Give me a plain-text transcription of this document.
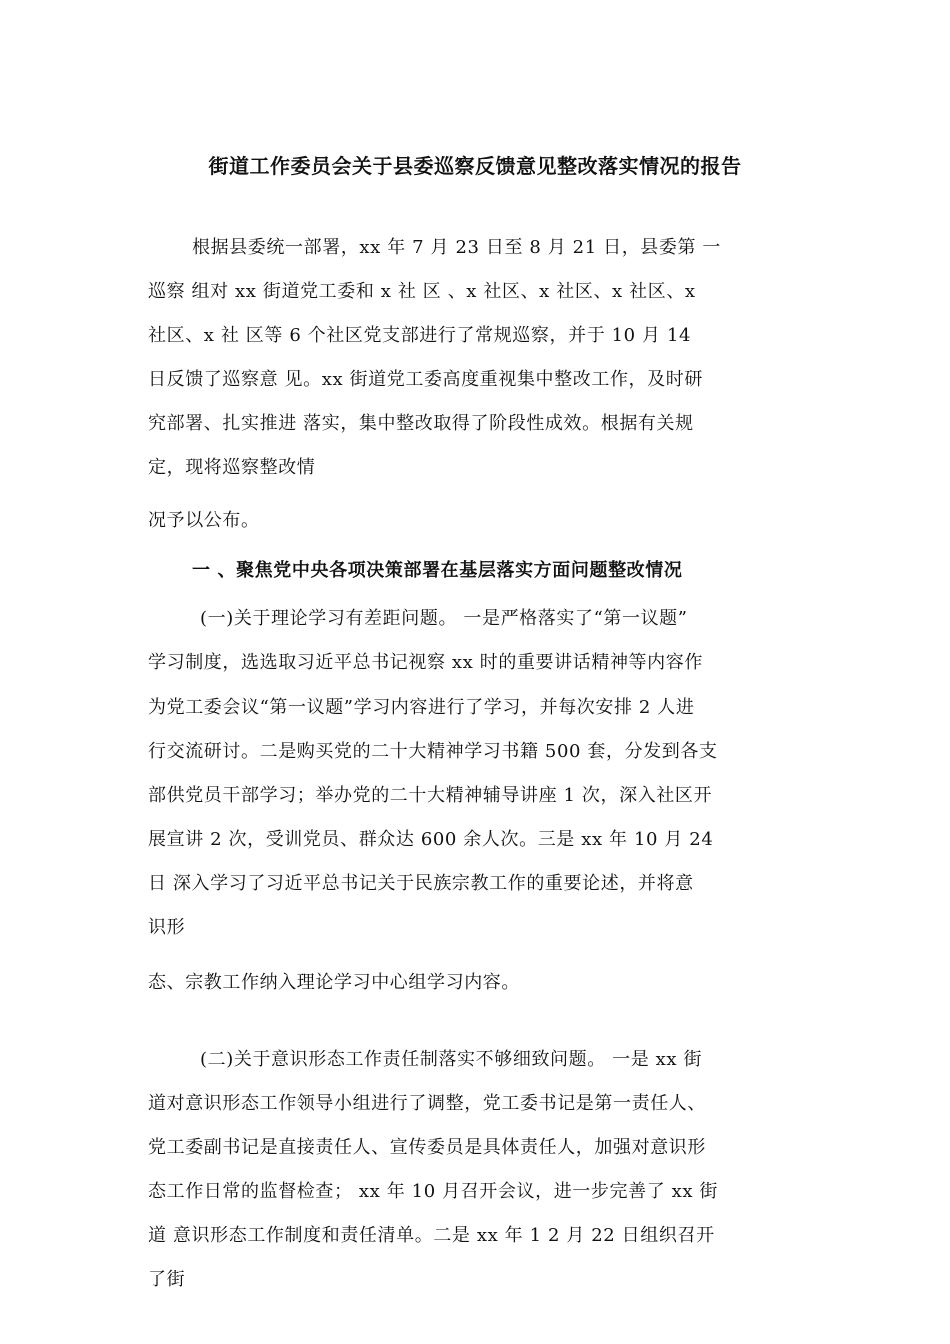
街道工作委员会关于县委巡察反馈意见整改落实情况的报告
根据县委统一部署，xx 年 7 月 23 日至 8 月 21 日，县委第 一
巡察 组对 xx 街道党工委和 x 社 区 、x 社区、x 社区、x 社区、x
社区、x 社 区等 6 个社区党支部进行了常规巡察，并于 10 月 14
日反馈了巡察意 见。xx 街道党工委高度重视集中整改工作，及时研
究部署、扎实推进 落实，集中整改取得了阶段性成效。根据有关规
定，现将巡察整改情
况予以公布。
一 、聚焦党中央各项决策部署在基层落实方面问题整改情况
(一)关于理论学习有差距问题。 一是严格落实了“第一议题”
学习制度，选选取习近平总书记视察 xx 时的重要讲话精神等内容作
为党工委会议“第一议题”学习内容进行了学习，并每次安排 2 人进
行交流研讨。二是购买党的二十大精神学习书籍 500 套，分发到各支
部供党员干部学习；举办党的二十大精神辅导讲座 1 次，深入社区开
展宣讲 2 次，受训党员、群众达 600 余人次。三是 xx 年 10 月 24
日 深入学习了习近平总书记关于民族宗教工作的重要论述，并将意
识形
态、宗教工作纳入理论学习中心组学习内容。
(二)关于意识形态工作责任制落实不够细致问题。 一是 xx 街
道对意识形态工作领导小组进行了调整，党工委书记是第一责任人、
党工委副书记是直接责任人、宣传委员是具体责任人，加强对意识形
态工作日常的监督检查； xx 年 10 月召开会议，进一步完善了 xx 街
道 意识形态工作制度和责任清单。二是 xx 年 1 2 月 22 日组织召开
了街
